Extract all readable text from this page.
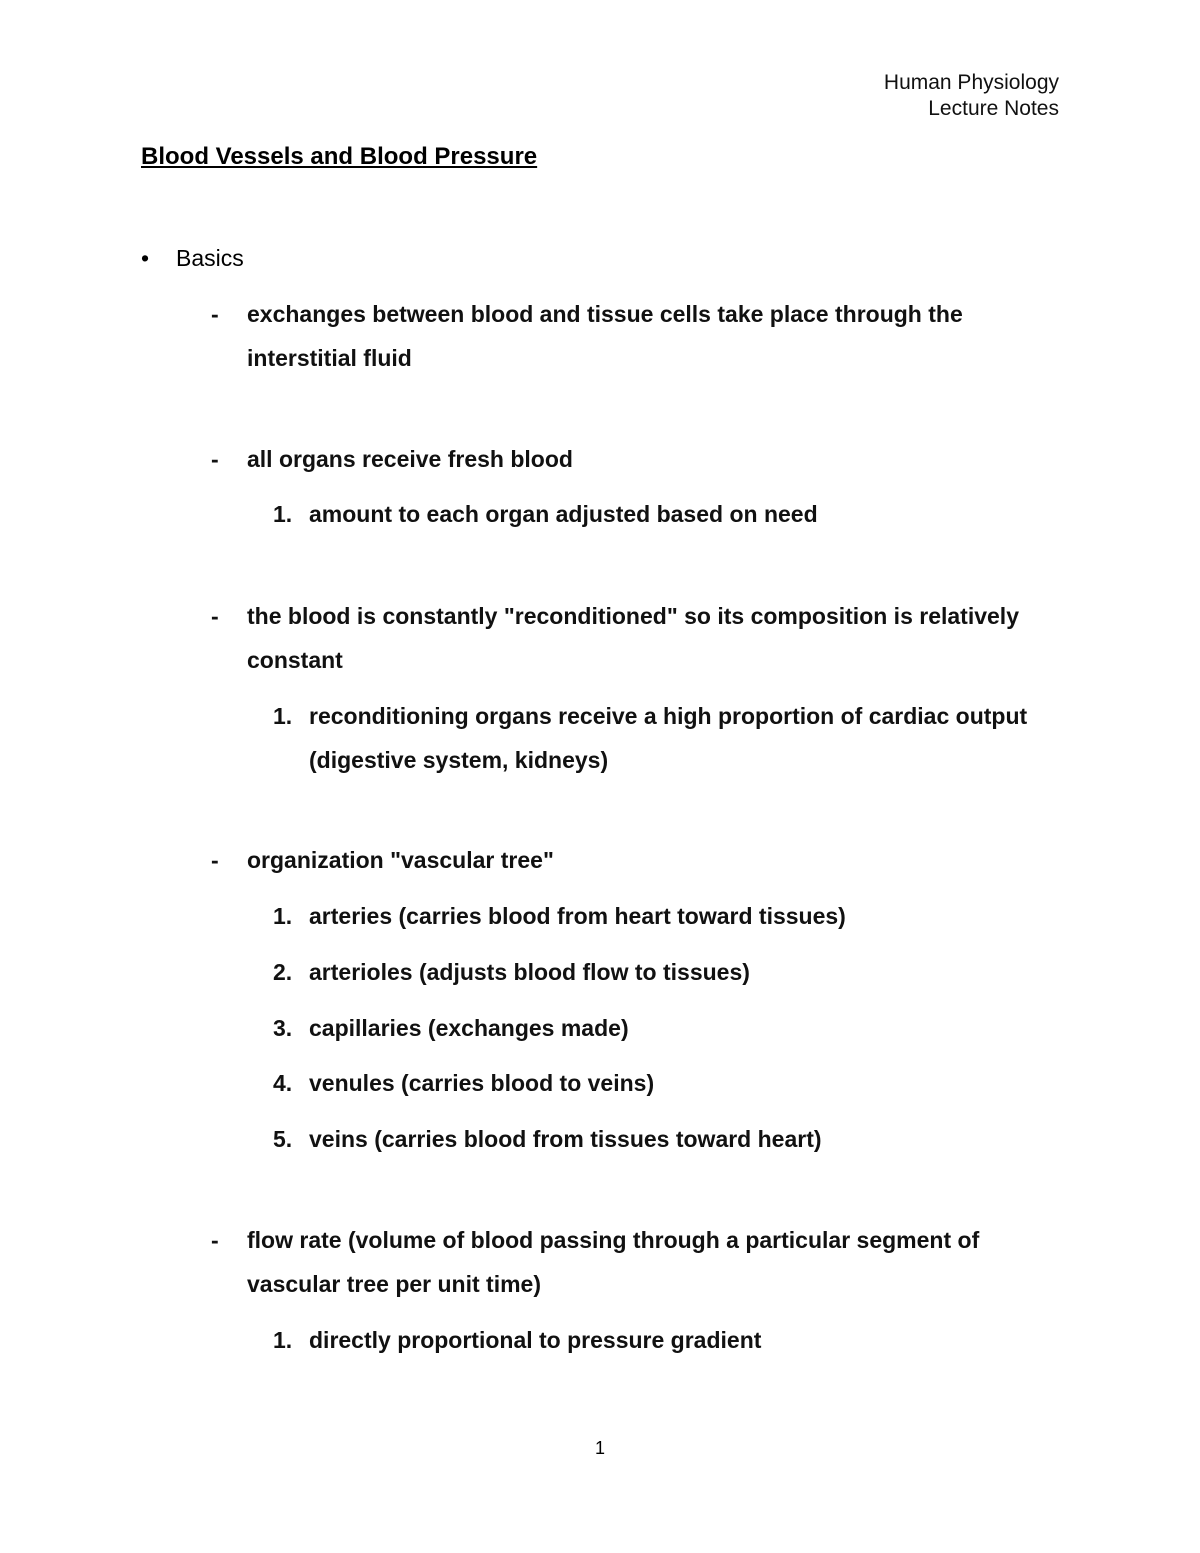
Human Physiology
Lecture Notes
Blood Vessels and Blood Pressure
• Basics
- exchanges between blood and tissue cells take place through the
interstitial fluid
- all organs receive fresh blood
1. amount to each organ adjusted based on need
- the blood is constantly "reconditioned" so its composition is relatively
constant
1. reconditioning organs receive a high proportion of cardiac output
(digestive system, kidneys)
- organization "vascular tree"
1. arteries (carries blood from heart toward tissues)
2. arterioles (adjusts blood flow to tissues)
3. capillaries (exchanges made)
4. venules (carries blood to veins)
5. veins (carries blood from tissues toward heart)
- flow rate (volume of blood passing through a particular segment of
vascular tree per unit time)
1. directly proportional to pressure gradient
1
